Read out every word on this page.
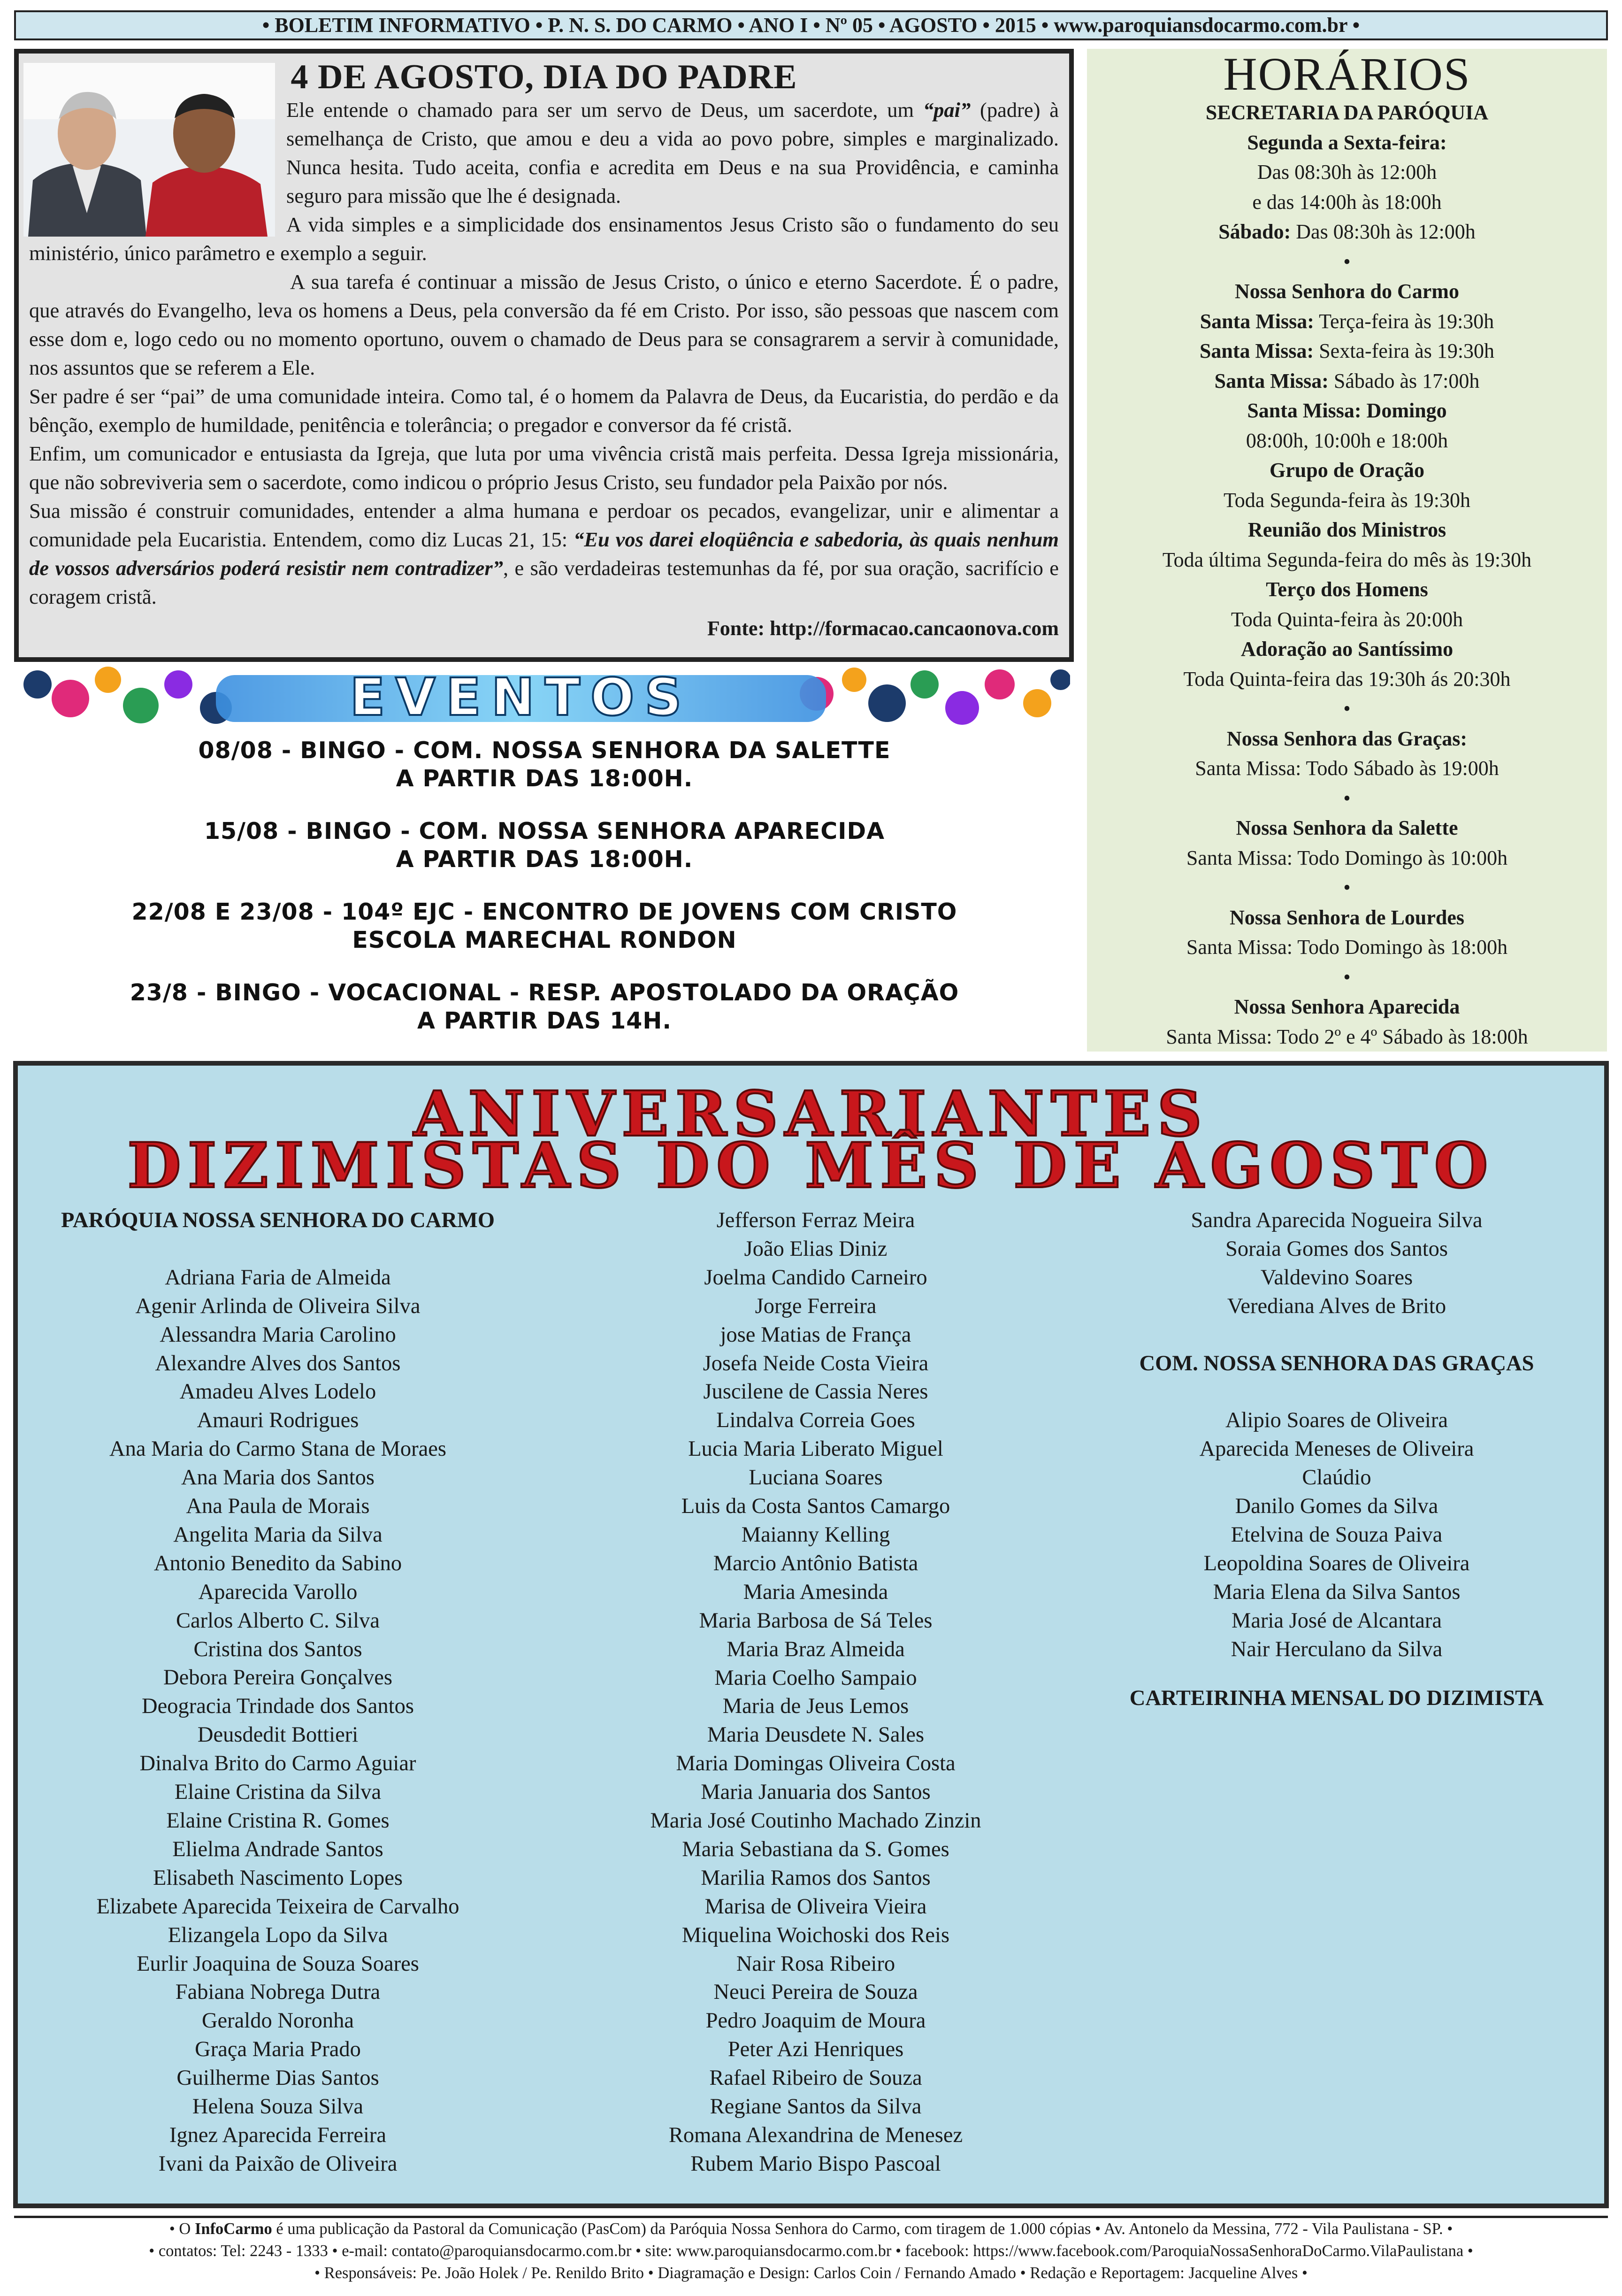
• BOLETIM INFORMATIVO • P. N. S. DO CARMO • ANO I • Nº 05 • AGOSTO • 2015 • www.paroquiansdocarmo.com.br •
4 DE AGOSTO, DIA DO PADRE

Ele entende o chamado para ser um servo de Deus, um sacerdote, um “pai” (padre) à semelhança de Cristo, que amou e deu a vida ao povo pobre, simples e marginalizado. Nunca hesita. Tudo aceita, confia e acredita em Deus e na sua Providência, e caminha seguro para missão que lhe é designada.

A vida simples e a simplicidade dos ensinamentos Jesus Cristo são o fundamento do seu ministério, único parâmetro e exemplo a seguir.

A sua tarefa é continuar a missão de Jesus Cristo, o único e eterno Sacerdote. É o padre, que através do Evangelho, leva os homens a Deus, pela conversão da fé em Cristo. Por isso, são pessoas que nascem com esse dom e, logo cedo ou no momento oportuno, ouvem o chamado de Deus para se consagrarem a servir à comunidade, nos assuntos que se referem a Ele.

Ser padre é ser “pai” de uma comunidade inteira. Como tal, é o homem da Palavra de Deus, da Eucaristia, do perdão e da bênção, exemplo de humildade, penitência e tolerância; o pregador e conversor da fé cristã.

Enfim, um comunicador e entusiasta da Igreja, que luta por uma vivência cristã mais perfeita. Dessa Igreja missionária, que não sobreviveria sem o sacerdote, como indicou o próprio Jesus Cristo, seu fundador pela Paixão por nós.

Sua missão é construir comunidades, entender a alma humana e perdoar os pecados, evangelizar, unir e alimentar a comunidade pela Eucaristia. Entendem, como diz Lucas 21, 15: “Eu vos darei eloqüência e sabedoria, às quais nenhum de vossos adversários poderá resistir nem contradizer”, e são verdadeiras testemunhas da fé, por sua oração, sacrifício e coragem cristã.

Fonte: http://formacao.cancaonova.com
HORÁRIOS
SECRETARIA DA PARÓQUIA
Segunda a Sexta-feira:
Das 08:30h às 12:00h
e das 14:00h às 18:00h
Sábado: Das 08:30h às 12:00h
•
Nossa Senhora do Carmo
Santa Missa: Terça-feira às 19:30h
Santa Missa: Sexta-feira às 19:30h
Santa Missa: Sábado às 17:00h
Santa Missa: Domingo
08:00h, 10:00h e 18:00h
Grupo de Oração
Toda Segunda-feira às 19:30h
Reunião dos Ministros
Toda última Segunda-feira do mês às 19:30h
Terço dos Homens
Toda Quinta-feira às 20:00h
Adoração ao Santíssimo
Toda Quinta-feira das 19:30h ás 20:30h
•
Nossa Senhora das Graças:
Santa Missa: Todo Sábado às 19:00h
•
Nossa Senhora da Salette
Santa Missa: Todo Domingo às 10:00h
•
Nossa Senhora de Lourdes
Santa Missa: Todo Domingo às 18:00h
•
Nossa Senhora Aparecida
Santa Missa: Todo 2º e 4º Sábado às 18:00h
EVENTOS
08/08 - BINGO - COM. NOSSA SENHORA DA SALETTE
A PARTIR DAS 18:00H.
15/08 - BINGO - COM. NOSSA SENHORA APARECIDA
A PARTIR DAS 18:00H.
22/08 E 23/08 - 104º EJC - ENCONTRO DE JOVENS COM CRISTO
ESCOLA MARECHAL RONDON
23/8 - BINGO - VOCACIONAL - RESP. APOSTOLADO DA ORAÇÃO
A PARTIR DAS 14H.
ANIVERSARIANTES
DIZIMISTAS DO MÊS DE AGOSTO
PARÓQUIA NOSSA SENHORA DO CARMO
Adriana Faria de Almeida
Agenir Arlinda de Oliveira Silva
Alessandra Maria Carolino
Alexandre Alves dos Santos
Amadeu Alves Lodelo
Amauri Rodrigues
Ana Maria do Carmo Stana de Moraes
Ana Maria dos Santos
Ana Paula de Morais
Angelita Maria da Silva
Antonio Benedito da Sabino
Aparecida Varollo
Carlos Alberto C. Silva
Cristina dos Santos
Debora Pereira Gonçalves
Deogracia Trindade dos Santos
Deusdedit Bottieri
Dinalva Brito do Carmo Aguiar
Elaine Cristina da Silva
Elaine Cristina R. Gomes
Elielma Andrade Santos
Elisabeth Nascimento Lopes
Elizabete Aparecida Teixeira de Carvalho
Elizangela Lopo da Silva
Eurlir Joaquina de Souza Soares
Fabiana Nobrega Dutra
Geraldo Noronha
Graça Maria Prado
Guilherme Dias Santos
Helena Souza Silva
Ignez Aparecida Ferreira
Ivani da Paixão de Oliveira
Jefferson Ferraz Meira
João Elias Diniz
Joelma Candido Carneiro
Jorge Ferreira
jose Matias de França
Josefa Neide Costa Vieira
Juscilene de Cassia Neres
Lindalva Correia Goes
Lucia Maria Liberato Miguel
Luciana Soares
Luis da Costa Santos Camargo
Maianny Kelling
Marcio Antônio Batista
Maria Amesinda
Maria Barbosa de Sá Teles
Maria Braz Almeida
Maria Coelho Sampaio
Maria de Jeus Lemos
Maria Deusdete N. Sales
Maria Domingas Oliveira Costa
Maria Januaria dos Santos
Maria José Coutinho Machado Zinzin
Maria Sebastiana da S. Gomes
Marilia Ramos dos Santos
Marisa de Oliveira Vieira
Miquelina Woichoski dos Reis
Nair Rosa Ribeiro
Neuci Pereira de Souza
Pedro Joaquim de Moura
Peter Azi Henriques
Rafael Ribeiro de Souza
Regiane Santos da Silva
Romana Alexandrina de Menesez
Rubem Mario Bispo Pascoal
Sandra Aparecida Nogueira Silva
Soraia Gomes dos Santos
Valdevino Soares
Verediana Alves de Brito
COM. NOSSA SENHORA DAS GRAÇAS
Alipio Soares de Oliveira
Aparecida Meneses de Oliveira
Claúdio
Danilo Gomes da Silva
Etelvina de Souza Paiva
Leopoldina Soares de Oliveira
Maria Elena da Silva Santos
Maria José de Alcantara
Nair Herculano da Silva
CARTEIRINHA MENSAL DO DIZIMISTA
• O InfoCarmo é uma publicação da Pastoral da Comunicação (PasCom) da Paróquia Nossa Senhora do Carmo, com tiragem de 1.000 cópias • Av. Antonelo da Messina, 772 - Vila Paulistana - SP. •
• contatos: Tel: 2243 - 1333 • e-mail: contato@paroquiansdocarmo.com.br • site: www.paroquiansdocarmo.com.br • facebook: https://www.facebook.com/ParoquiaNossaSenhoraDoCarmo.VilaPaulistana •
• Responsáveis: Pe. João Holek / Pe. Renildo Brito • Diagramação e Design: Carlos Coin / Fernando Amado • Redação e Reportagem: Jacqueline Alves •
